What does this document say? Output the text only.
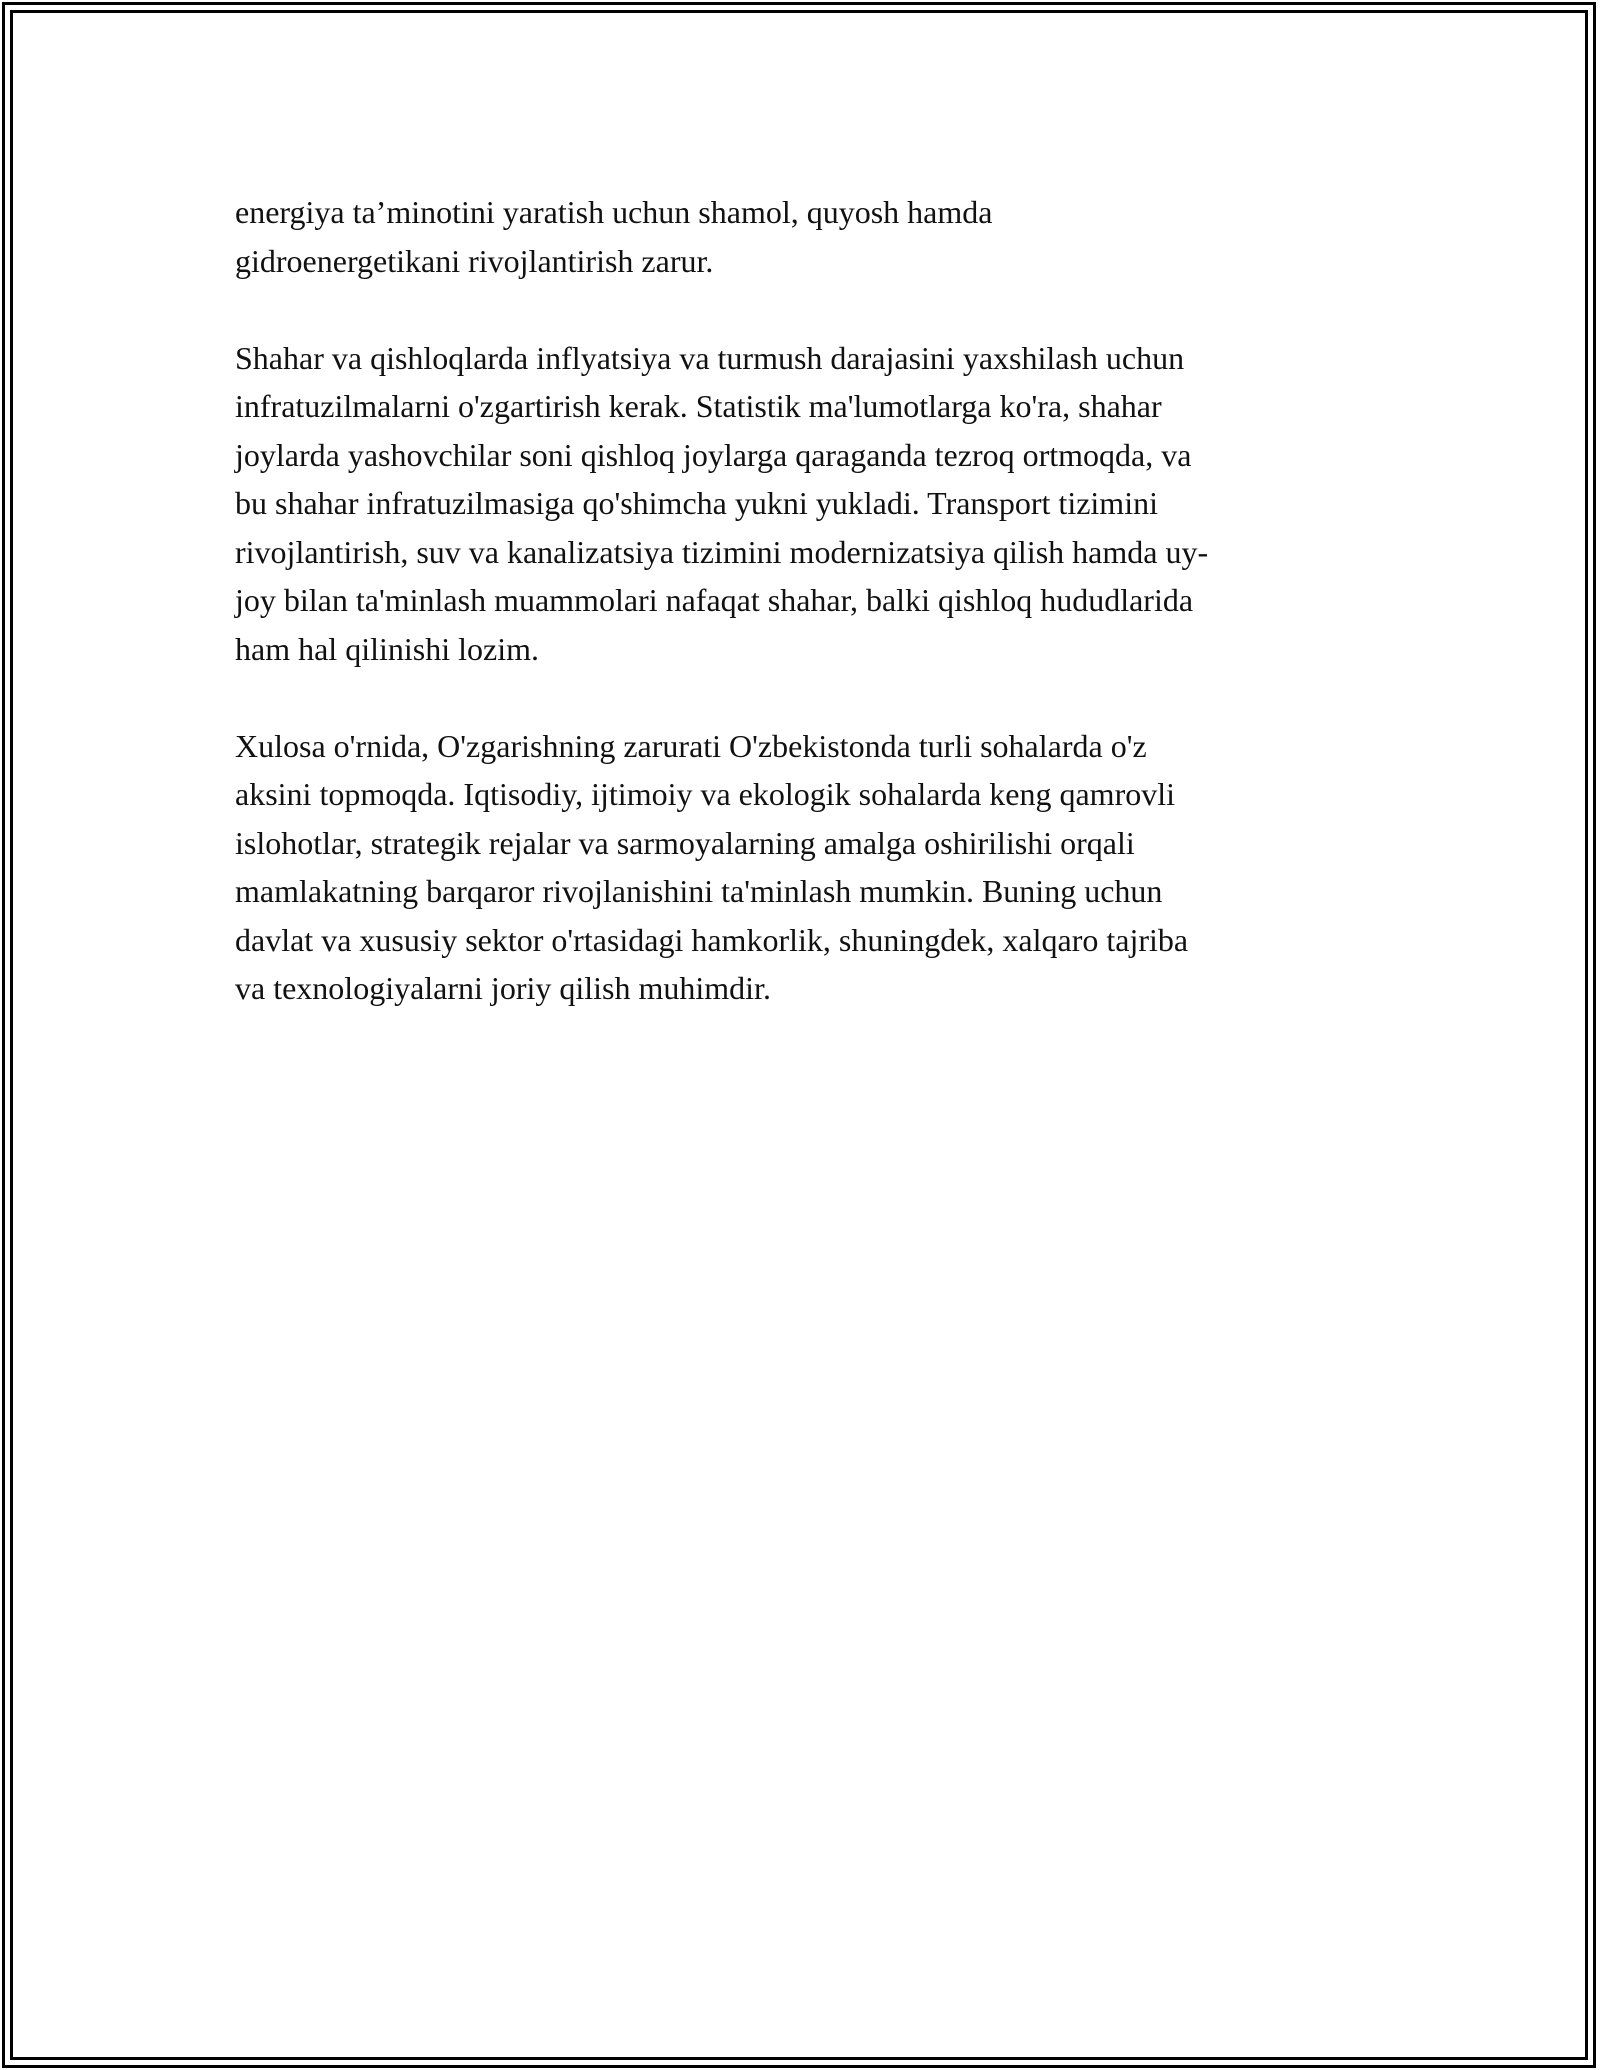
energiya ta’minotini yaratish uchun shamol, quyosh hamda
gidroenergetikani rivojlantirish zarur.

Shahar va qishloqlarda inflyatsiya va turmush darajasini yaxshilash uchun
infratuzilmalarni o'zgartirish kerak. Statistik ma'lumotlarga ko'ra, shahar
joylarda yashovchilar soni qishloq joylarga qaraganda tezroq ortmoqda, va
bu shahar infratuzilmasiga qo'shimcha yukni yukladi. Transport tizimini
rivojlantirish, suv va kanalizatsiya tizimini modernizatsiya qilish hamda uy-
joy bilan ta'minlash muammolari nafaqat shahar, balki qishloq hududlarida
ham hal qilinishi lozim.

Xulosa o'rnida, O'zgarishning zarurati O'zbekistonda turli sohalarda o'z
aksini topmoqda. Iqtisodiy, ijtimoiy va ekologik sohalarda keng qamrovli
islohotlar, strategik rejalar va sarmoyalarning amalga oshirilishi orqali
mamlakatning barqaror rivojlanishini ta'minlash mumkin. Buning uchun
davlat va xususiy sektor o'rtasidagi hamkorlik, shuningdek, xalqaro tajriba
va texnologiyalarni joriy qilish muhimdir.
